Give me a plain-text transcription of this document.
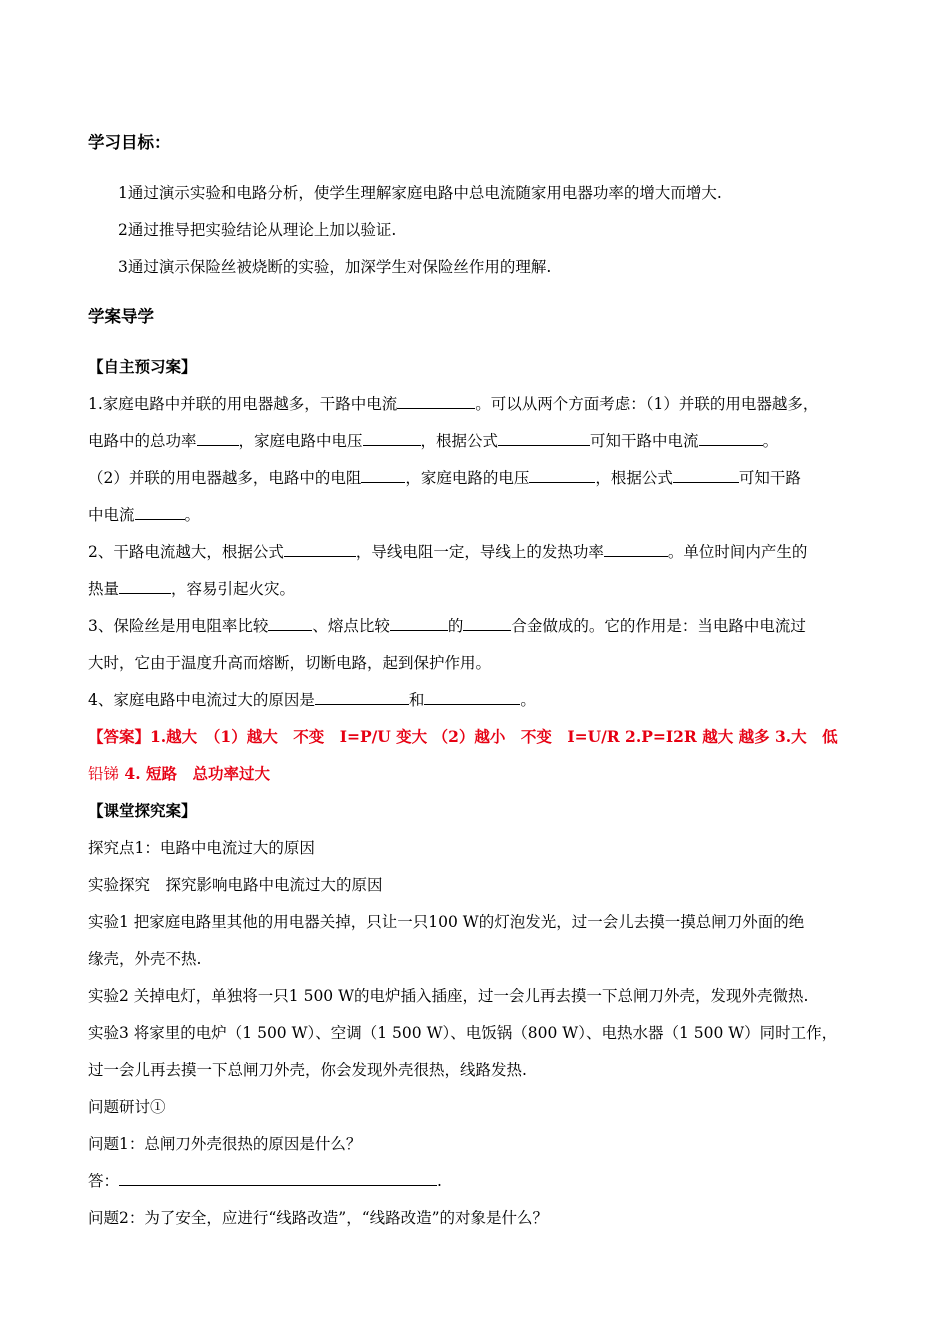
学习目标：
1通过演示实验和电路分析，使学生理解家庭电路中总电流随家用电器功率的增大而增大.
2通过推导把实验结论从理论上加以验证.
3通过演示保险丝被烧断的实验，加深学生对保险丝作用的理解.
学案导学
【自主预习案】
1.家庭电路中并联的用电器越多，干路中电流	。可以从两个方面考虑：（1）并联的用电器越多，
电路中的总功率	，家庭电路中电压	，根据公式	可知干路中电流	。
（2）并联的用电器越多，电路中的电阻	，家庭电路的电压	，根据公式	可知干路
中电流	。
2、干路电流越大，根据公式	，导线电阻一定，导线上的发热功率	。单位时间内产生的
热量	，容易引起火灾。
3、保险丝是用电阻率比较	、熔点比较	的	合金做成的。它的作用是：当电路中电流过
大时，它由于温度升高而熔断，切断电路，起到保护作用。
4、家庭电路中电流过大的原因是	和	。
【答案】1.越大　（1）越大　不变　I=P/U 变大 （2）越小　不变　I=U/R 2.P=I2R 越大 越多 3.大　低
铅锑 4. 短路　总功率过大
【课堂探究案】
探究点1：电路中电流过大的原因
实验探究　探究影响电路中电流过大的原因
实验1 把家庭电路里其他的用电器关掉，只让一只100 W的灯泡发光，过一会儿去摸一摸总闸刀外面的绝
缘壳，外壳不热.
实验2 关掉电灯，单独将一只1 500 W的电炉插入插座，过一会儿再去摸一下总闸刀外壳，发现外壳微热.
实验3 将家里的电炉（1 500 W）、空调（1 500 W）、电饭锅（800 W）、电热水器（1 500 W）同时工作，
过一会儿再去摸一下总闸刀外壳，你会发现外壳很热，线路发热.
问题研讨①
问题1：总闸刀外壳很热的原因是什么？
答：	.
问题2：为了安全，应进行“线路改造”，“线路改造”的对象是什么？
